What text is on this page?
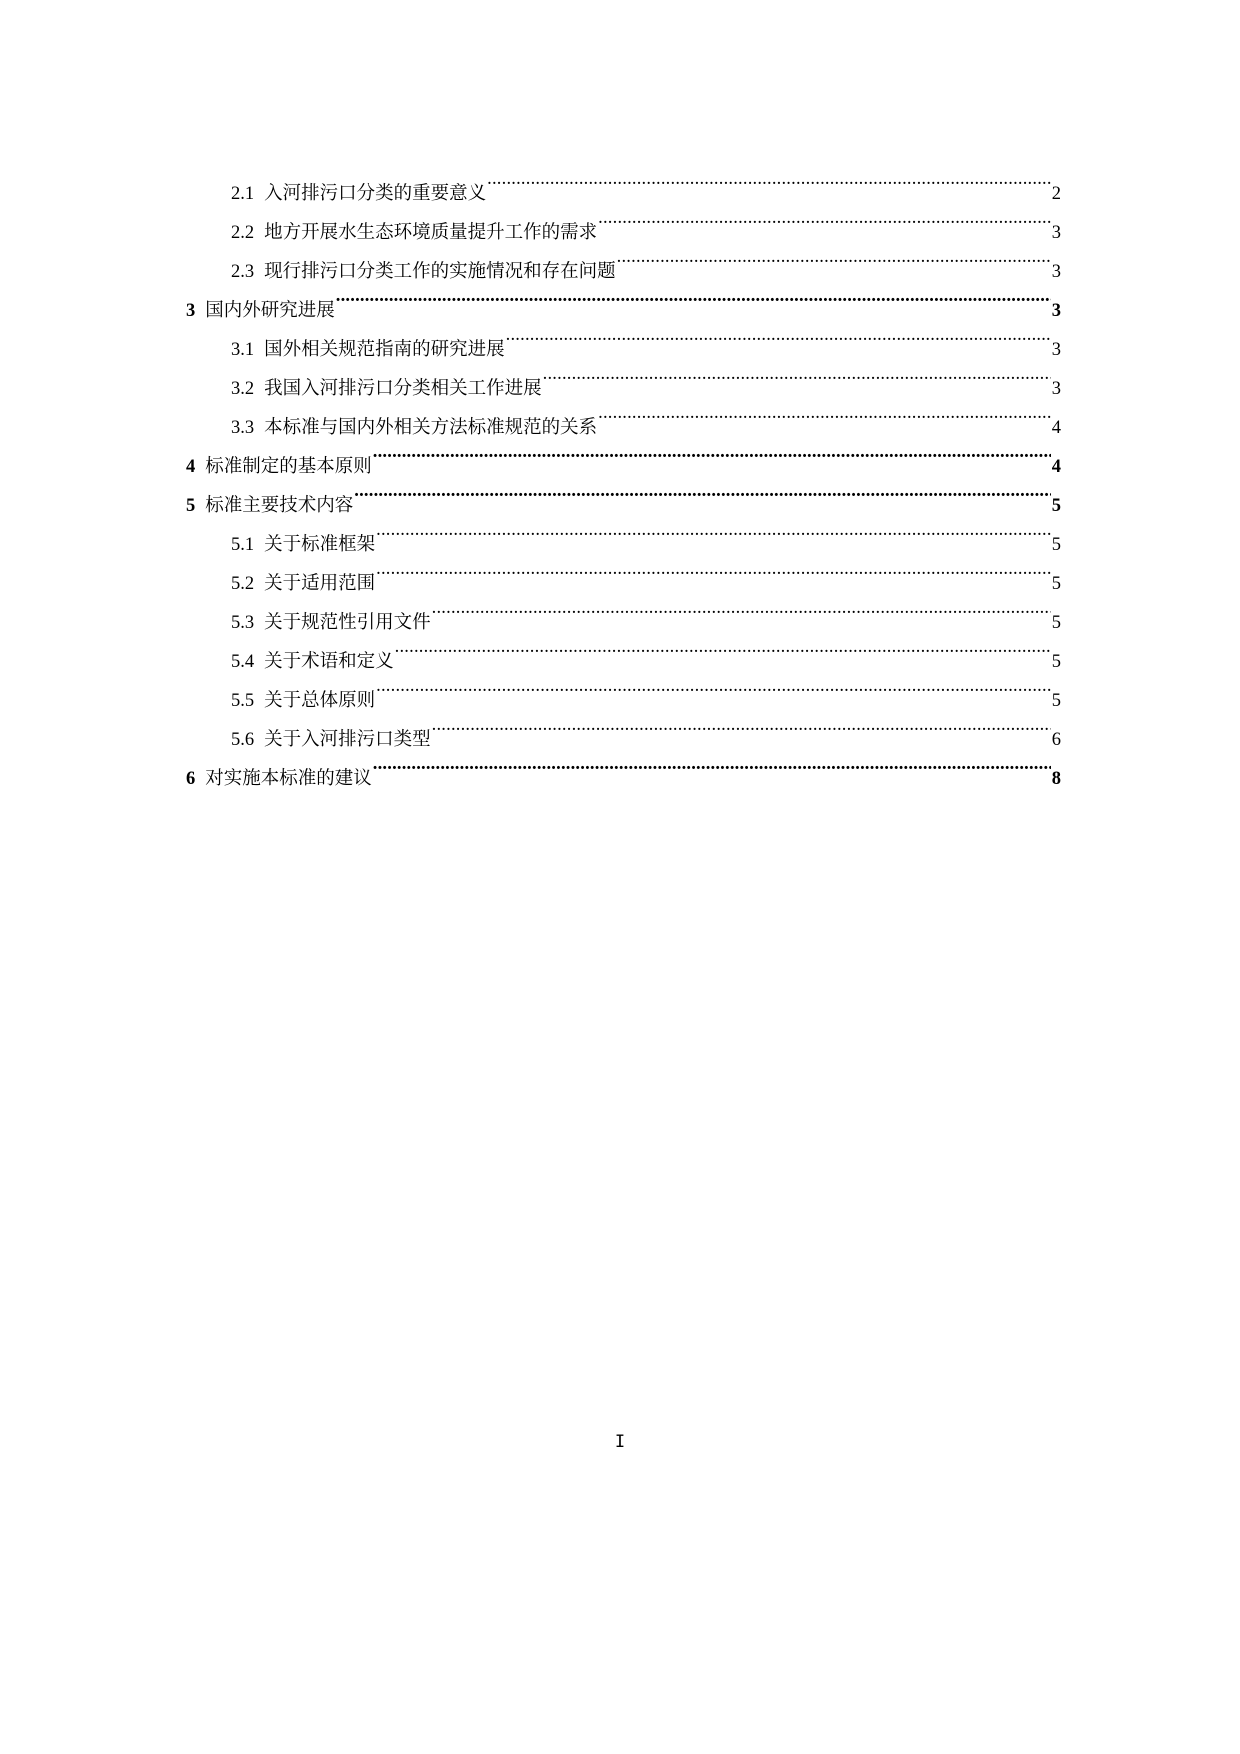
2.1 入河排污口分类的重要意义 .....	2
2.2 地方开展水生态环境质量提升工作的需求 .....	3
2.3 现行排污口分类工作的实施情况和存在问题 .....	3
3 国内外研究进展 .....	3
3.1 国外相关规范指南的研究进展 .....	3
3.2 我国入河排污口分类相关工作进展 .....	3
3.3 本标准与国内外相关方法标准规范的关系 .....	4
4 标准制定的基本原则 .....	4
5 标准主要技术内容 .....	5
5.1 关于标准框架 .....	5
5.2 关于适用范围 .....	5
5.3 关于规范性引用文件 .....	5
5.4 关于术语和定义 .....	5
5.5 关于总体原则 .....	5
5.6 关于入河排污口类型 .....	6
6 对实施本标准的建议 .....	8
I
